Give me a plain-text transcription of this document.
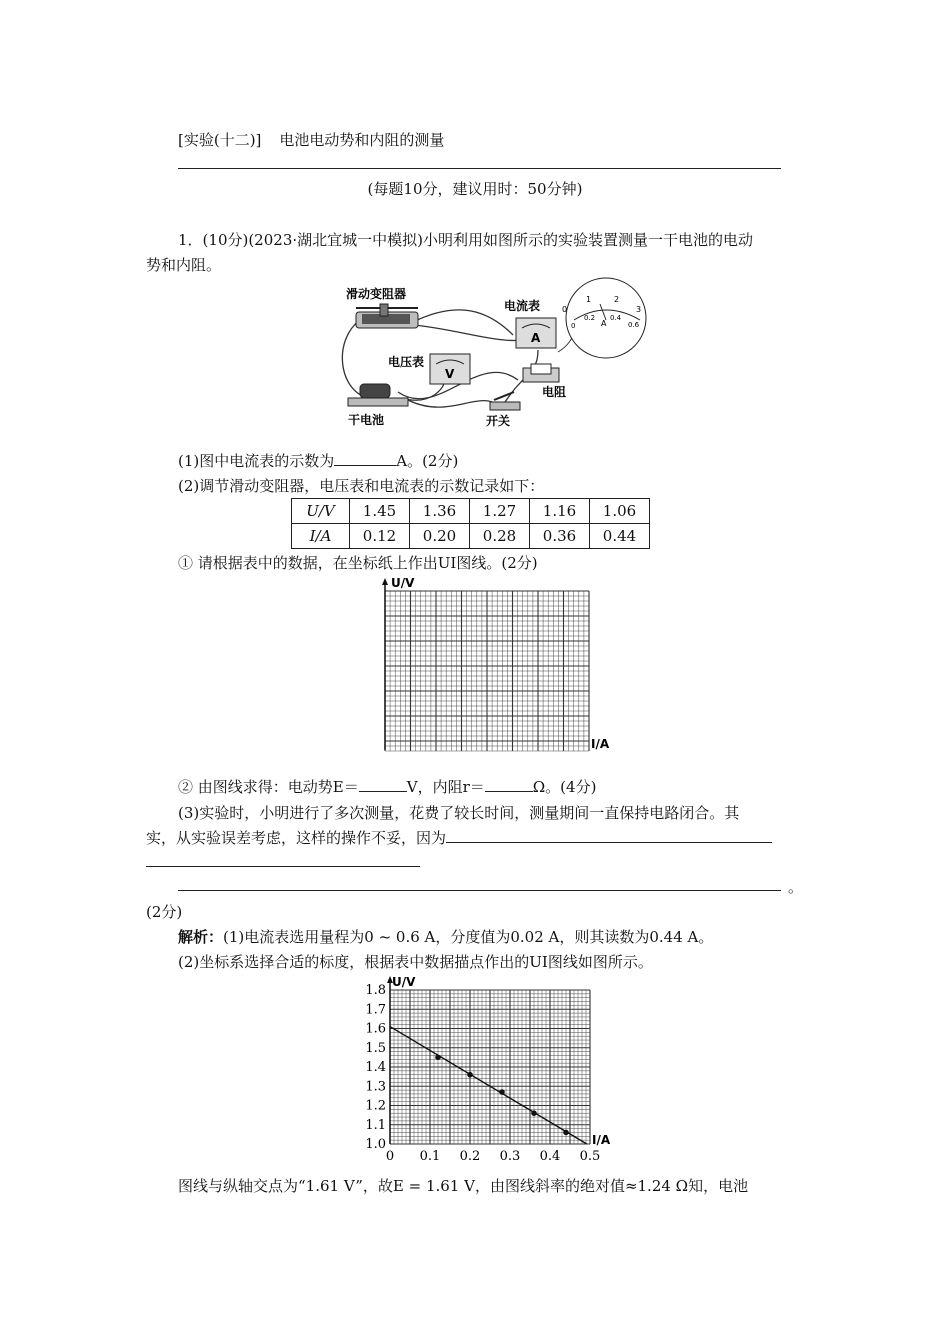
[实验(十二)] 电池电动势和内阻的测量
(每题10分，建议用时：50分钟)
1．(10分)(2023·湖北宜城一中模拟)小明利用如图所示的实验装置测量一干电池的电动
势和内阻。
A
0
1	2
3
0
0.2 0.4
0.6
A
V
滑动变阻器
电流表
电压表
电阻
干电池	开关
(1)图中电流表的示数为	A。(2分)
(2)调节滑动变阻器，电压表和电流表的示数记录如下：
U/V	1.45	1.36	1.27	1.16	1.06
I/A	0.12	0.20	0.28	0.36	0.44
① 请根据表中的数据，在坐标纸上作出UI图线。(2分)
U/V
I/A
② 由图线求得：电动势E＝	V，内阻r＝	Ω。(4分)
(3)实验时，小明进行了多次测量，花费了较长时间，测量期间一直保持电路闭合。其
实，从实验误差考虑，这样的操作不妥，因为
。
(2分)
解析：(1)电流表选用量程为0 ~ 0.6 A，分度值为0.02 A，则其读数为0.44 A。
(2)坐标系选择合适的标度，根据表中数据描点作出的UI图线如图所示。
1.0
1.1
1.2
1.3
1.4
1.5
1.6
1.7
1.8
0 0.1 0.2 0.3 0.4 0.5
U/V
I/A
图线与纵轴交点为“1.61 V”，故E = 1.61 V，由图线斜率的绝对值≈1.24 Ω知，电池
